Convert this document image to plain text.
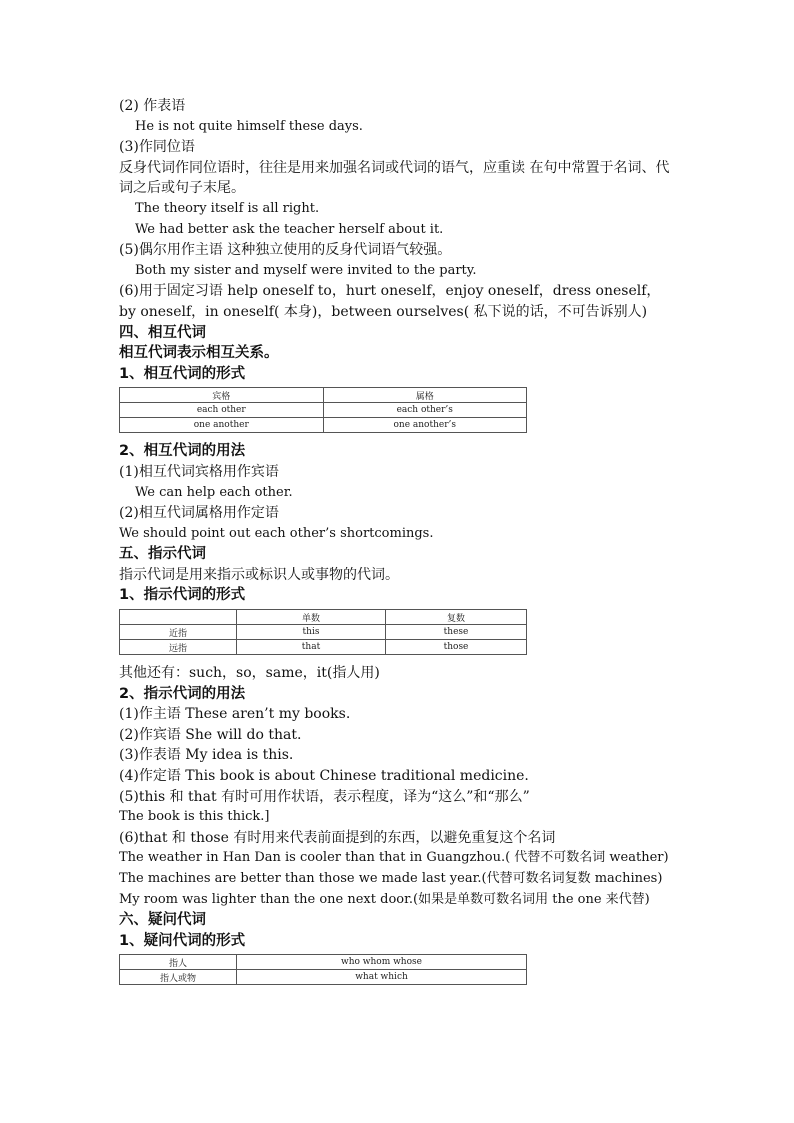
(2) 作表语
He is not quite himself these days.
(3)作同位语
反身代词作同位语时，往往是用来加强名词或代词的语气，应重读 在句中常置于名词、代词之后或句子末尾。
The theory itself is all right.
We had better ask the teacher herself about it.
(5)偶尔用作主语 这种独立使用的反身代词语气较强。
Both my sister and myself were invited to the party.
(6)用于固定习语 help oneself to，hurt oneself，enjoy oneself，dress oneself，by oneself，in oneself( 本身)，between ourselves( 私下说的话，不可告诉别人)
四、相互代词
相互代词表示相互关系。
1、相互代词的形式
宾格	属格
each other	each other’s
one another	one another’s
2、相互代词的用法
(1)相互代词宾格用作宾语
We can help each other.
(2)相互代词属格用作定语
We should point out each other’s shortcomings.
五、指示代词
指示代词是用来指示或标识人或事物的代词。
1、指示代词的形式
	单数	复数
近指	this	these
远指	that	those
其他还有：such，so，same，it(指人用)
2、指示代词的用法
(1)作主语 These aren’t my books.
(2)作宾语 She will do that.
(3)作表语 My idea is this.
(4)作定语 This book is about Chinese traditional medicine.
(5)this 和 that 有时可用作状语，表示程度，译为“这么”和“那么”
The book is this thick.]
(6)that 和 those 有时用来代表前面提到的东西，以避免重复这个名词
The weather in Han Dan is cooler than that in Guangzhou.( 代替不可数名词 weather)
The machines are better than those we made last year.(代替可数名词复数 machines)
My room was lighter than the one next door.(如果是单数可数名词用 the one 来代替)
六、疑问代词
1、疑问代词的形式
指人	who whom whose
指人或物	what which
